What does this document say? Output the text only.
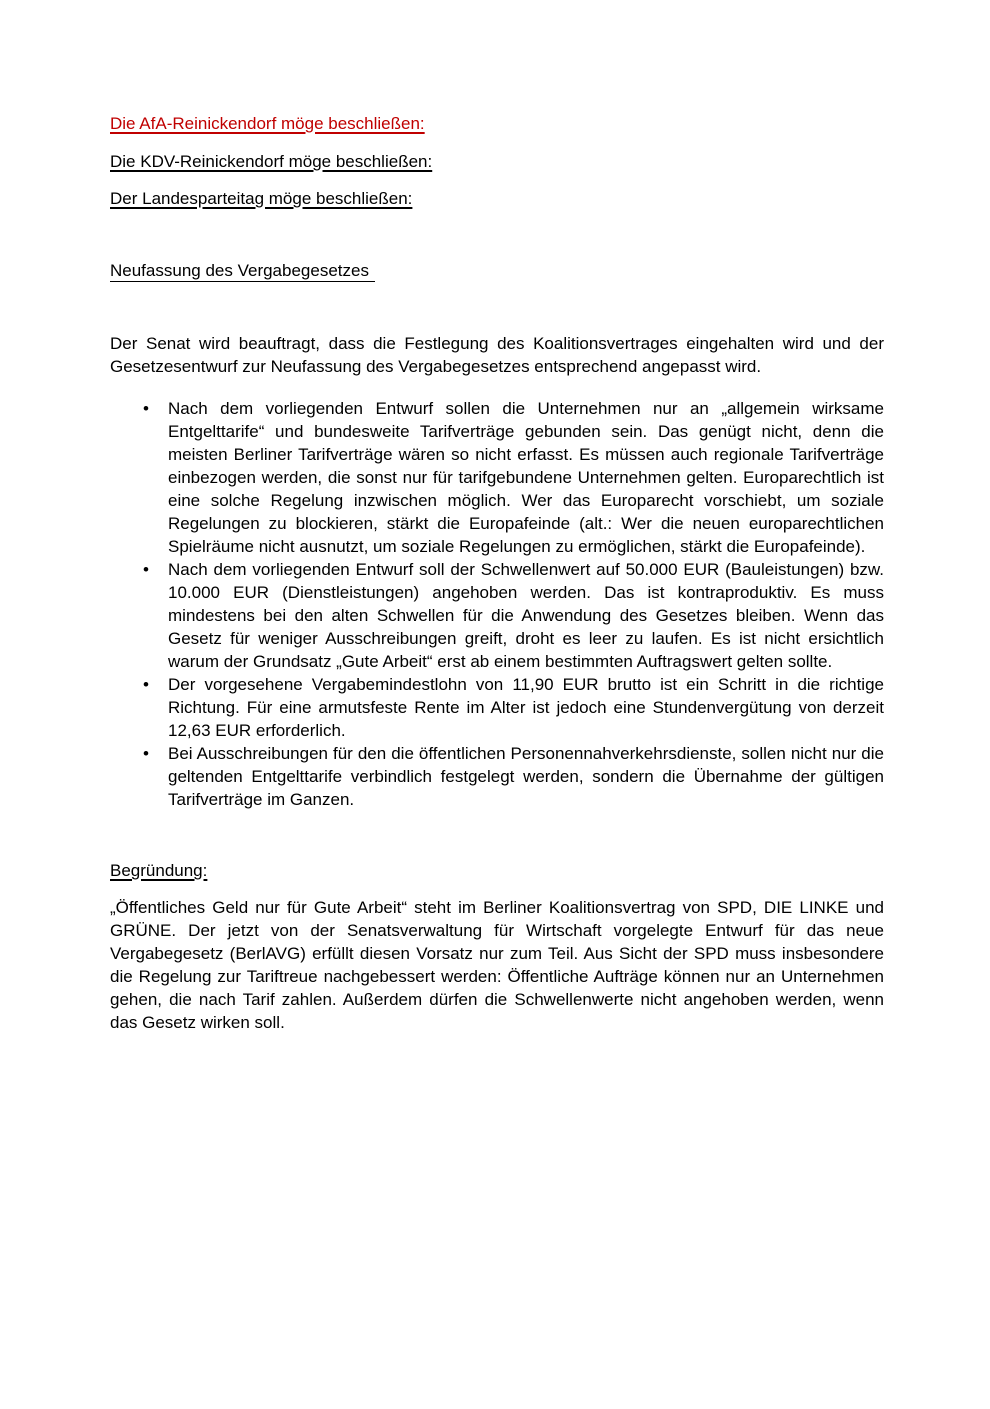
Die AfA-Reinickendorf möge beschließen:

Die KDV-Reinickendorf möge beschließen:

Der Landesparteitag möge beschließen:

Neufassung des Vergabegesetzes

Der Senat wird beauftragt, dass die Festlegung des Koalitionsvertrages eingehalten wird und der Gesetzesentwurf zur Neufassung des Vergabegesetzes entsprechend angepasst wird.

• Nach dem vorliegenden Entwurf sollen die Unternehmen nur an „allgemein wirksame Entgelttarife“ und bundesweite Tarifverträge gebunden sein. Das genügt nicht, denn die meisten Berliner Tarifverträge wären so nicht erfasst. Es müssen auch regionale Tarifverträge einbezogen werden, die sonst nur für tarifgebundene Unternehmen gelten. Europarechtlich ist eine solche Regelung inzwischen möglich. Wer das Europarecht vorschiebt, um soziale Regelungen zu blockieren, stärkt die Europafeinde (alt.: Wer die neuen europarechtlichen Spielräume nicht ausnutzt, um soziale Regelungen zu ermöglichen, stärkt die Europafeinde).
• Nach dem vorliegenden Entwurf soll der Schwellenwert auf 50.000 EUR (Bauleistungen) bzw. 10.000 EUR (Dienstleistungen) angehoben werden. Das ist kontraproduktiv. Es muss mindestens bei den alten Schwellen für die Anwendung des Gesetzes bleiben. Wenn das Gesetz für weniger Ausschreibungen greift, droht es leer zu laufen. Es ist nicht ersichtlich warum der Grundsatz „Gute Arbeit“ erst ab einem bestimmten Auftragswert gelten sollte.
• Der vorgesehene Vergabemindestlohn von 11,90 EUR brutto ist ein Schritt in die richtige Richtung. Für eine armutsfeste Rente im Alter ist jedoch eine Stundenvergütung von derzeit 12,63 EUR erforderlich.
• Bei Ausschreibungen für den die öffentlichen Personennahverkehrsdienste, sollen nicht nur die geltenden Entgelttarife verbindlich festgelegt werden, sondern die Übernahme der gültigen Tarifverträge im Ganzen.

Begründung:

„Öffentliches Geld nur für Gute Arbeit“ steht im Berliner Koalitionsvertrag von SPD, DIE LINKE und GRÜNE. Der jetzt von der Senatsverwaltung für Wirtschaft vorgelegte Entwurf für das neue Vergabegesetz (BerlAVG) erfüllt diesen Vorsatz nur zum Teil. Aus Sicht der SPD muss insbesondere die Regelung zur Tariftreue nachgebessert werden: Öffentliche Aufträge können nur an Unternehmen gehen, die nach Tarif zahlen. Außerdem dürfen die Schwellenwerte nicht angehoben werden, wenn das Gesetz wirken soll.
